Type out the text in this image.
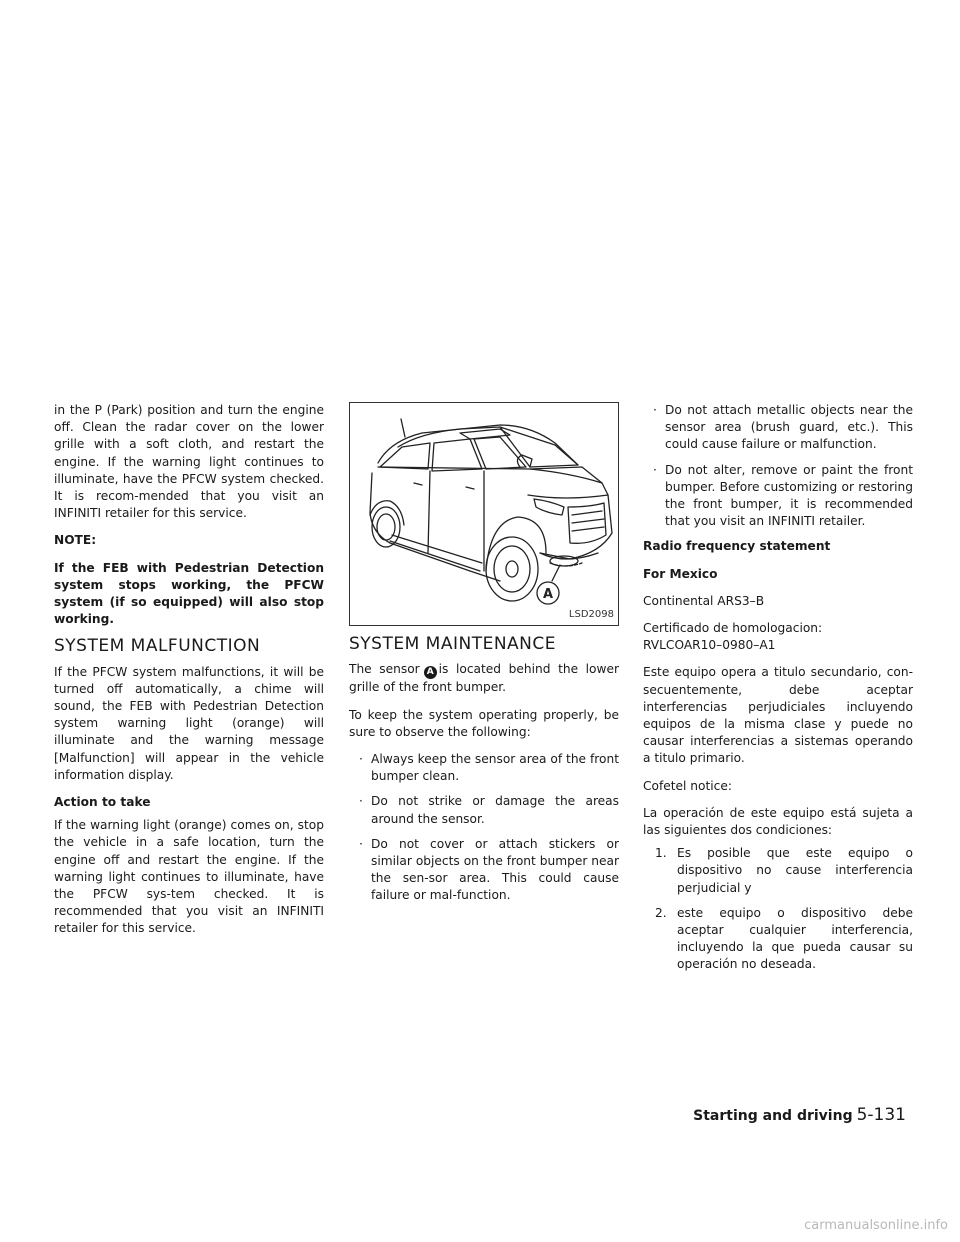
in the P (Park) position and turn the engine off. Clean the radar cover on the lower grille with a soft cloth, and restart the engine. If the warning light continues to illuminate, have the PFCW system checked. It is recom-mended that you visit an INFINITI retailer for this service.

NOTE:

If the FEB with Pedestrian Detection system stops working, the PFCW system (if so equipped) will also stop working.

SYSTEM MALFUNCTION

If the PFCW system malfunctions, it will be turned off automatically, a chime will sound, the FEB with Pedestrian Detection system warning light (orange) will illuminate and the warning message [Malfunction] will appear in the vehicle information display.

Action to take

If the warning light (orange) comes on, stop the vehicle in a safe location, turn the engine off and restart the engine. If the warning light continues to illuminate, have the PFCW sys-tem checked. It is recommended that you visit an INFINITI retailer for this service.

A
LSD2098
SYSTEM MAINTENANCE

The sensor A is located behind the lower grille of the front bumper.

To keep the system operating properly, be sure to observe the following:

· Always keep the sensor area of the front bumper clean.
· Do not strike or damage the areas around the sensor.
· Do not cover or attach stickers or similar objects on the front bumper near the sen-sor area. This could cause failure or mal-function.
· Do not attach metallic objects near the sensor area (brush guard, etc.). This could cause failure or malfunction.
· Do not alter, remove or paint the front bumper. Before customizing or restoring the front bumper, it is recommended that you visit an INFINITI retailer.

Radio frequency statement

For Mexico

Continental ARS3–B

Certificado de homologacion:
RVLCOAR10–0980–A1

Este equipo opera a titulo secundario, con-secuentemente, debe aceptar interferencias perjudiciales incluyendo equipos de la misma clase y puede no causar interferencias a sistemas operando a titulo primario.

Cofetel notice:

La operación de este equipo está sujeta a las siguientes dos condiciones:

1. Es posible que este equipo o dispositivo no cause interferencia perjudicial y
2. este equipo o dispositivo debe aceptar cualquier interferencia, incluyendo la que pueda causar su operación no deseada.
Starting and driving 5-131
carmanualsonline.info
